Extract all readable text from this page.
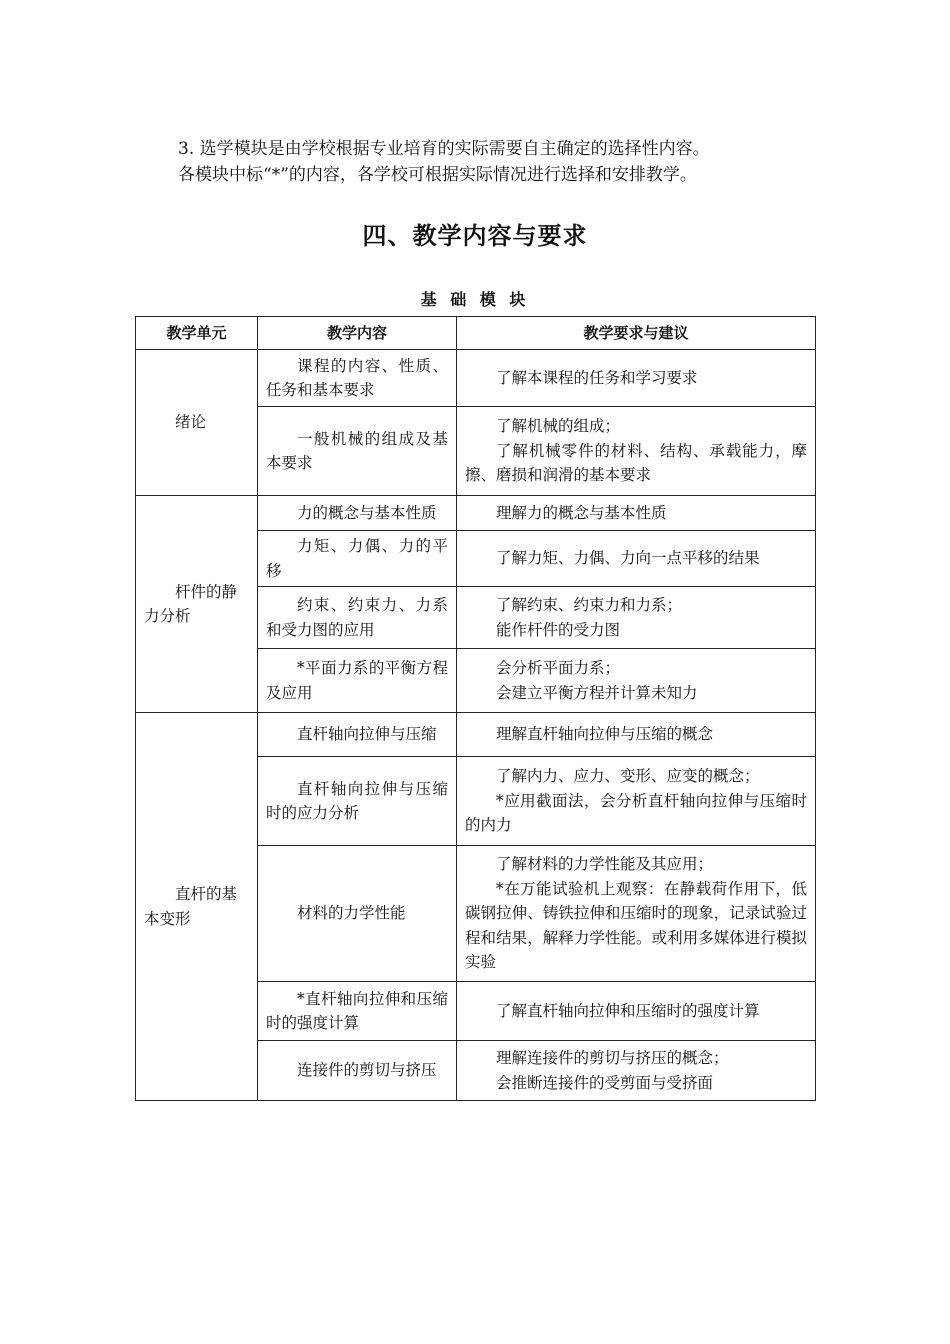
3. 选学模块是由学校根据专业培育的实际需要自主确定的选择性内容。

各模块中标“*”的内容，各学校可根据实际情况进行选择和安排教学。

四、教学内容与要求
基 础 模 块
教学单元	教学内容	教学要求与建议
绪论	课程的内容、性质、任务和基本要求	了解本课程的任务和学习要求

	一般机械的组成及基本要求	了解机械的组成；
了解机械零件的材料、结构、承载能力，摩擦、磨损和润滑的基本要求

杆件的静力分析	力的概念与基本性质	理解力的概念与基本性质

	力矩、力偶、力的平移	了解力矩、力偶、力向一点平移的结果

	约束、约束力、力系和受力图的应用	了解约束、约束力和力系；
能作杆件的受力图

	*平面力系的平衡方程及应用	会分析平面力系；
会建立平衡方程并计算未知力

直杆的基本变形	直杆轴向拉伸与压缩	理解直杆轴向拉伸与压缩的概念

	直杆轴向拉伸与压缩时的应力分析	了解内力、应力、变形、应变的概念；
*应用截面法，会分析直杆轴向拉伸与压缩时的内力

	材料的力学性能	了解材料的力学性能及其应用；
*在万能试验机上观察：在静载荷作用下，低碳钢拉伸、铸铁拉伸和压缩时的现象，记录试验过程和结果，解释力学性能。或利用多媒体进行模拟实验

	*直杆轴向拉伸和压缩时的强度计算	了解直杆轴向拉伸和压缩时的强度计算

	连接件的剪切与挤压	理解连接件的剪切与挤压的概念；
会推断连接件的受剪面与受挤面
